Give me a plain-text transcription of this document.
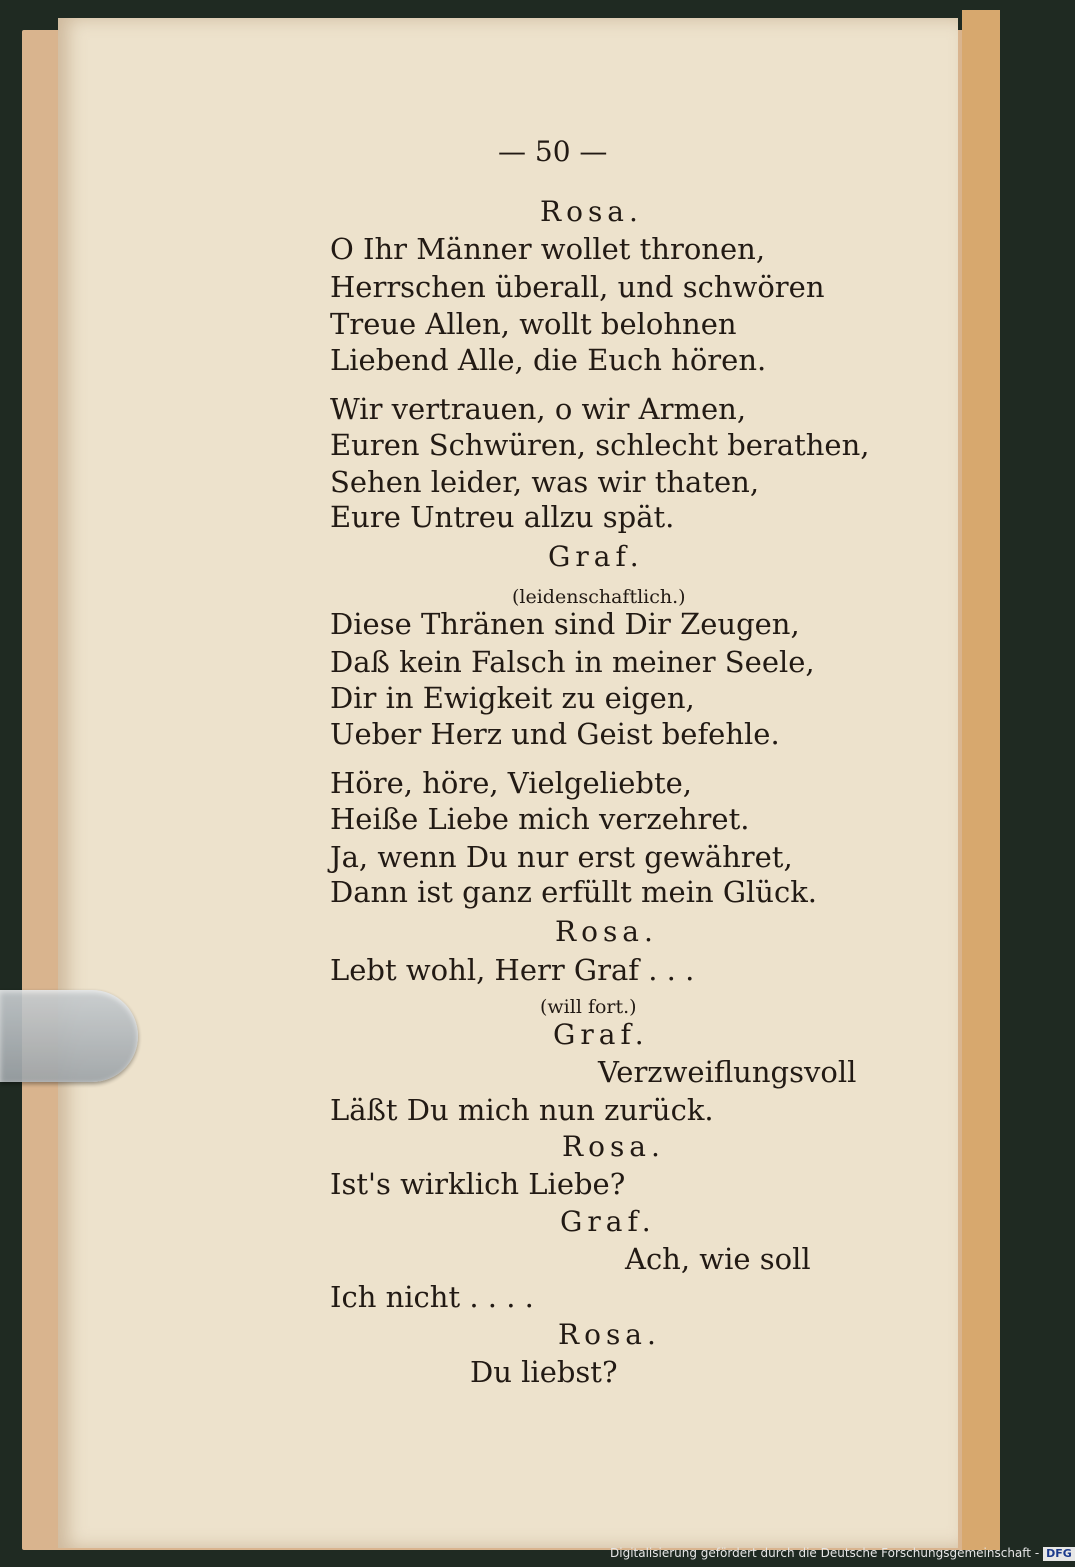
— 50 —
Rosa.
O Ihr Männer wollet thronen,
Herrschen überall, und schwören
Treue Allen, wollt belohnen
Liebend Alle, die Euch hören.
Wir vertrauen, o wir Armen,
Euren Schwüren, schlecht berathen,
Sehen leider, was wir thaten,
Eure Untreu allzu spät.
Graf.
(leidenschaftlich.)
Diese Thränen sind Dir Zeugen,
Daß kein Falsch in meiner Seele,
Dir in Ewigkeit zu eigen,
Ueber Herz und Geist befehle.
Höre, höre, Vielgeliebte,
Heiße Liebe mich verzehret.
Ja, wenn Du nur erst gewähret,
Dann ist ganz erfüllt mein Glück.
Rosa.
Lebt wohl, Herr Graf . . .
(will fort.)
Graf.
Verzweiflungsvoll
Läßt Du mich nun zurück.
Rosa.
Ist's wirklich Liebe?
Graf.
Ach, wie soll
Ich nicht . . . .
Rosa.
Du liebst?
Digitalisierung gefördert durch die Deutsche Forschungsgemeinschaft - DFG
